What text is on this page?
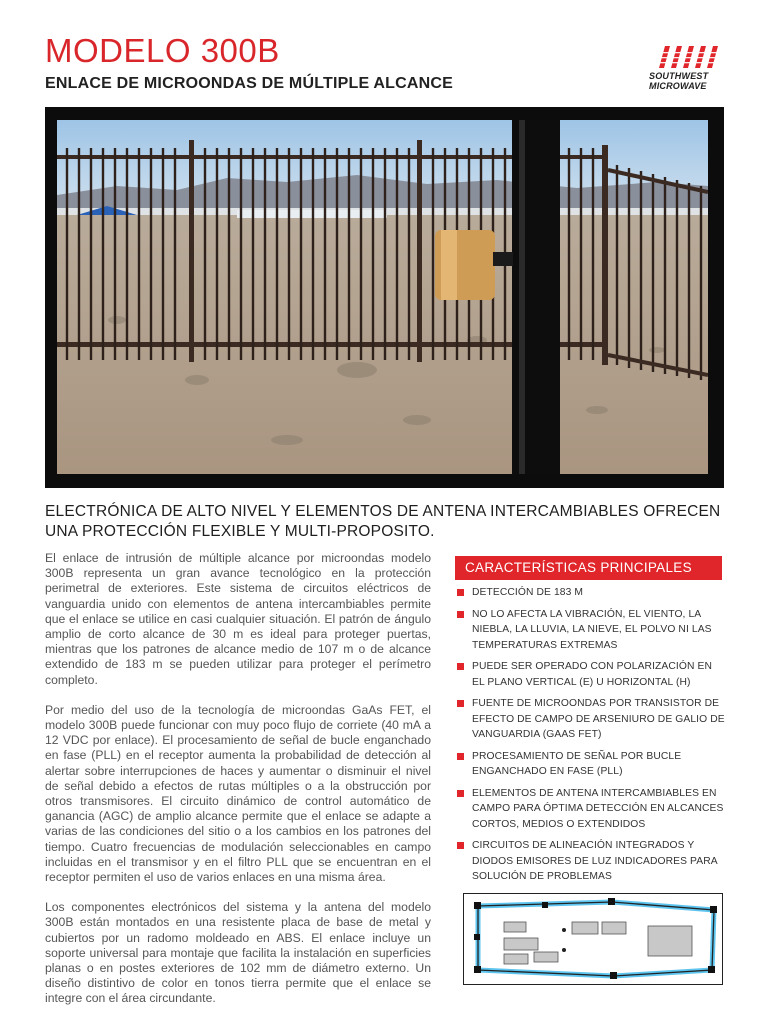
MODELO 300B
ENLACE DE MICROONDAS DE MÚLTIPLE ALCANCE	SOUTHWEST
MICROWAVE

ELECTRÓNICA DE ALTO NIVEL Y ELEMENTOS DE ANTENA INTERCAMBIABLES OFRECEN UNA PROTECCIÓN FLEXIBLE Y MULTI-PROPOSITO.

El enlace de intrusión de múltiple alcance por microondas modelo 300B representa un gran avance tecnológico en la protección perimetral de exteriores. Este sistema de circuitos eléctricos de vanguardia unido con elementos de antena intercambiables permite que el enlace se utilice en casi cualquier situación. El patrón de ángulo amplio de corto alcance de 30 m es ideal para proteger puertas, mientras que los patrones de alcance medio de 107 m o de alcance extendido de 183 m se pueden utilizar para proteger el perímetro completo.

Por medio del uso de la tecnología de microondas GaAs FET, el modelo 300B puede funcionar con muy poco flujo de corriete (40 mA a 12 VDC por enlace). El procesamiento de señal de bucle enganchado en fase (PLL) en el receptor aumenta la probabilidad de detección al alertar sobre interrupciones de haces y aumentar o disminuir el nivel de señal debido a efectos de rutas múltiples o a la obstrucción por otros transmisores. El circuito dinámico de control automático de ganancia (AGC) de amplio alcance permite que el enlace se adapte a varias de las condiciones del sitio o a los cambios en los patrones del tiempo. Cuatro frecuencias de modulación seleccionables en campo incluidas en el transmisor y en el filtro PLL que se encuentran en el receptor permiten el uso de varios enlaces en una misma área.

Los componentes electrónicos del sistema y la antena del modelo 300B están montados en una resistente placa de base de metal y cubiertos por un radomo moldeado en ABS. El enlace incluye un soporte universal para montaje que facilita la instalación en superficies planas o en postes exteriores de 102 mm de diámetro externo. Un diseño distintivo de color en tonos tierra permite que el enlace se integre con el área circundante.

CARACTERÍSTICAS PRINCIPALES
DETECCIÓN DE 183 M
NO LO AFECTA LA VIBRACIÓN, EL VIENTO, LA NIEBLA, LA LLUVIA, LA NIEVE, EL POLVO NI LAS TEMPERATURAS EXTREMAS
PUEDE SER OPERADO CON POLARIZACIÓN EN EL PLANO VERTICAL (E) U HORIZONTAL (H)
FUENTE DE MICROONDAS POR TRANSISTOR DE EFECTO DE CAMPO DE ARSENIURO DE GALIO DE VANGUARDIA (GAAS FET)
PROCESAMIENTO DE SEÑAL POR BUCLE ENGANCHADO EN FASE (PLL)
ELEMENTOS DE ANTENA INTERCAMBIABLES EN CAMPO PARA ÓPTIMA DETECCIÓN EN ALCANCES CORTOS, MEDIOS O EXTENDIDOS
CIRCUITOS DE ALINEACIÓN INTEGRADOS Y DIODOS EMISORES DE LUZ INDICADORES PARA SOLUCIÓN DE PROBLEMAS
